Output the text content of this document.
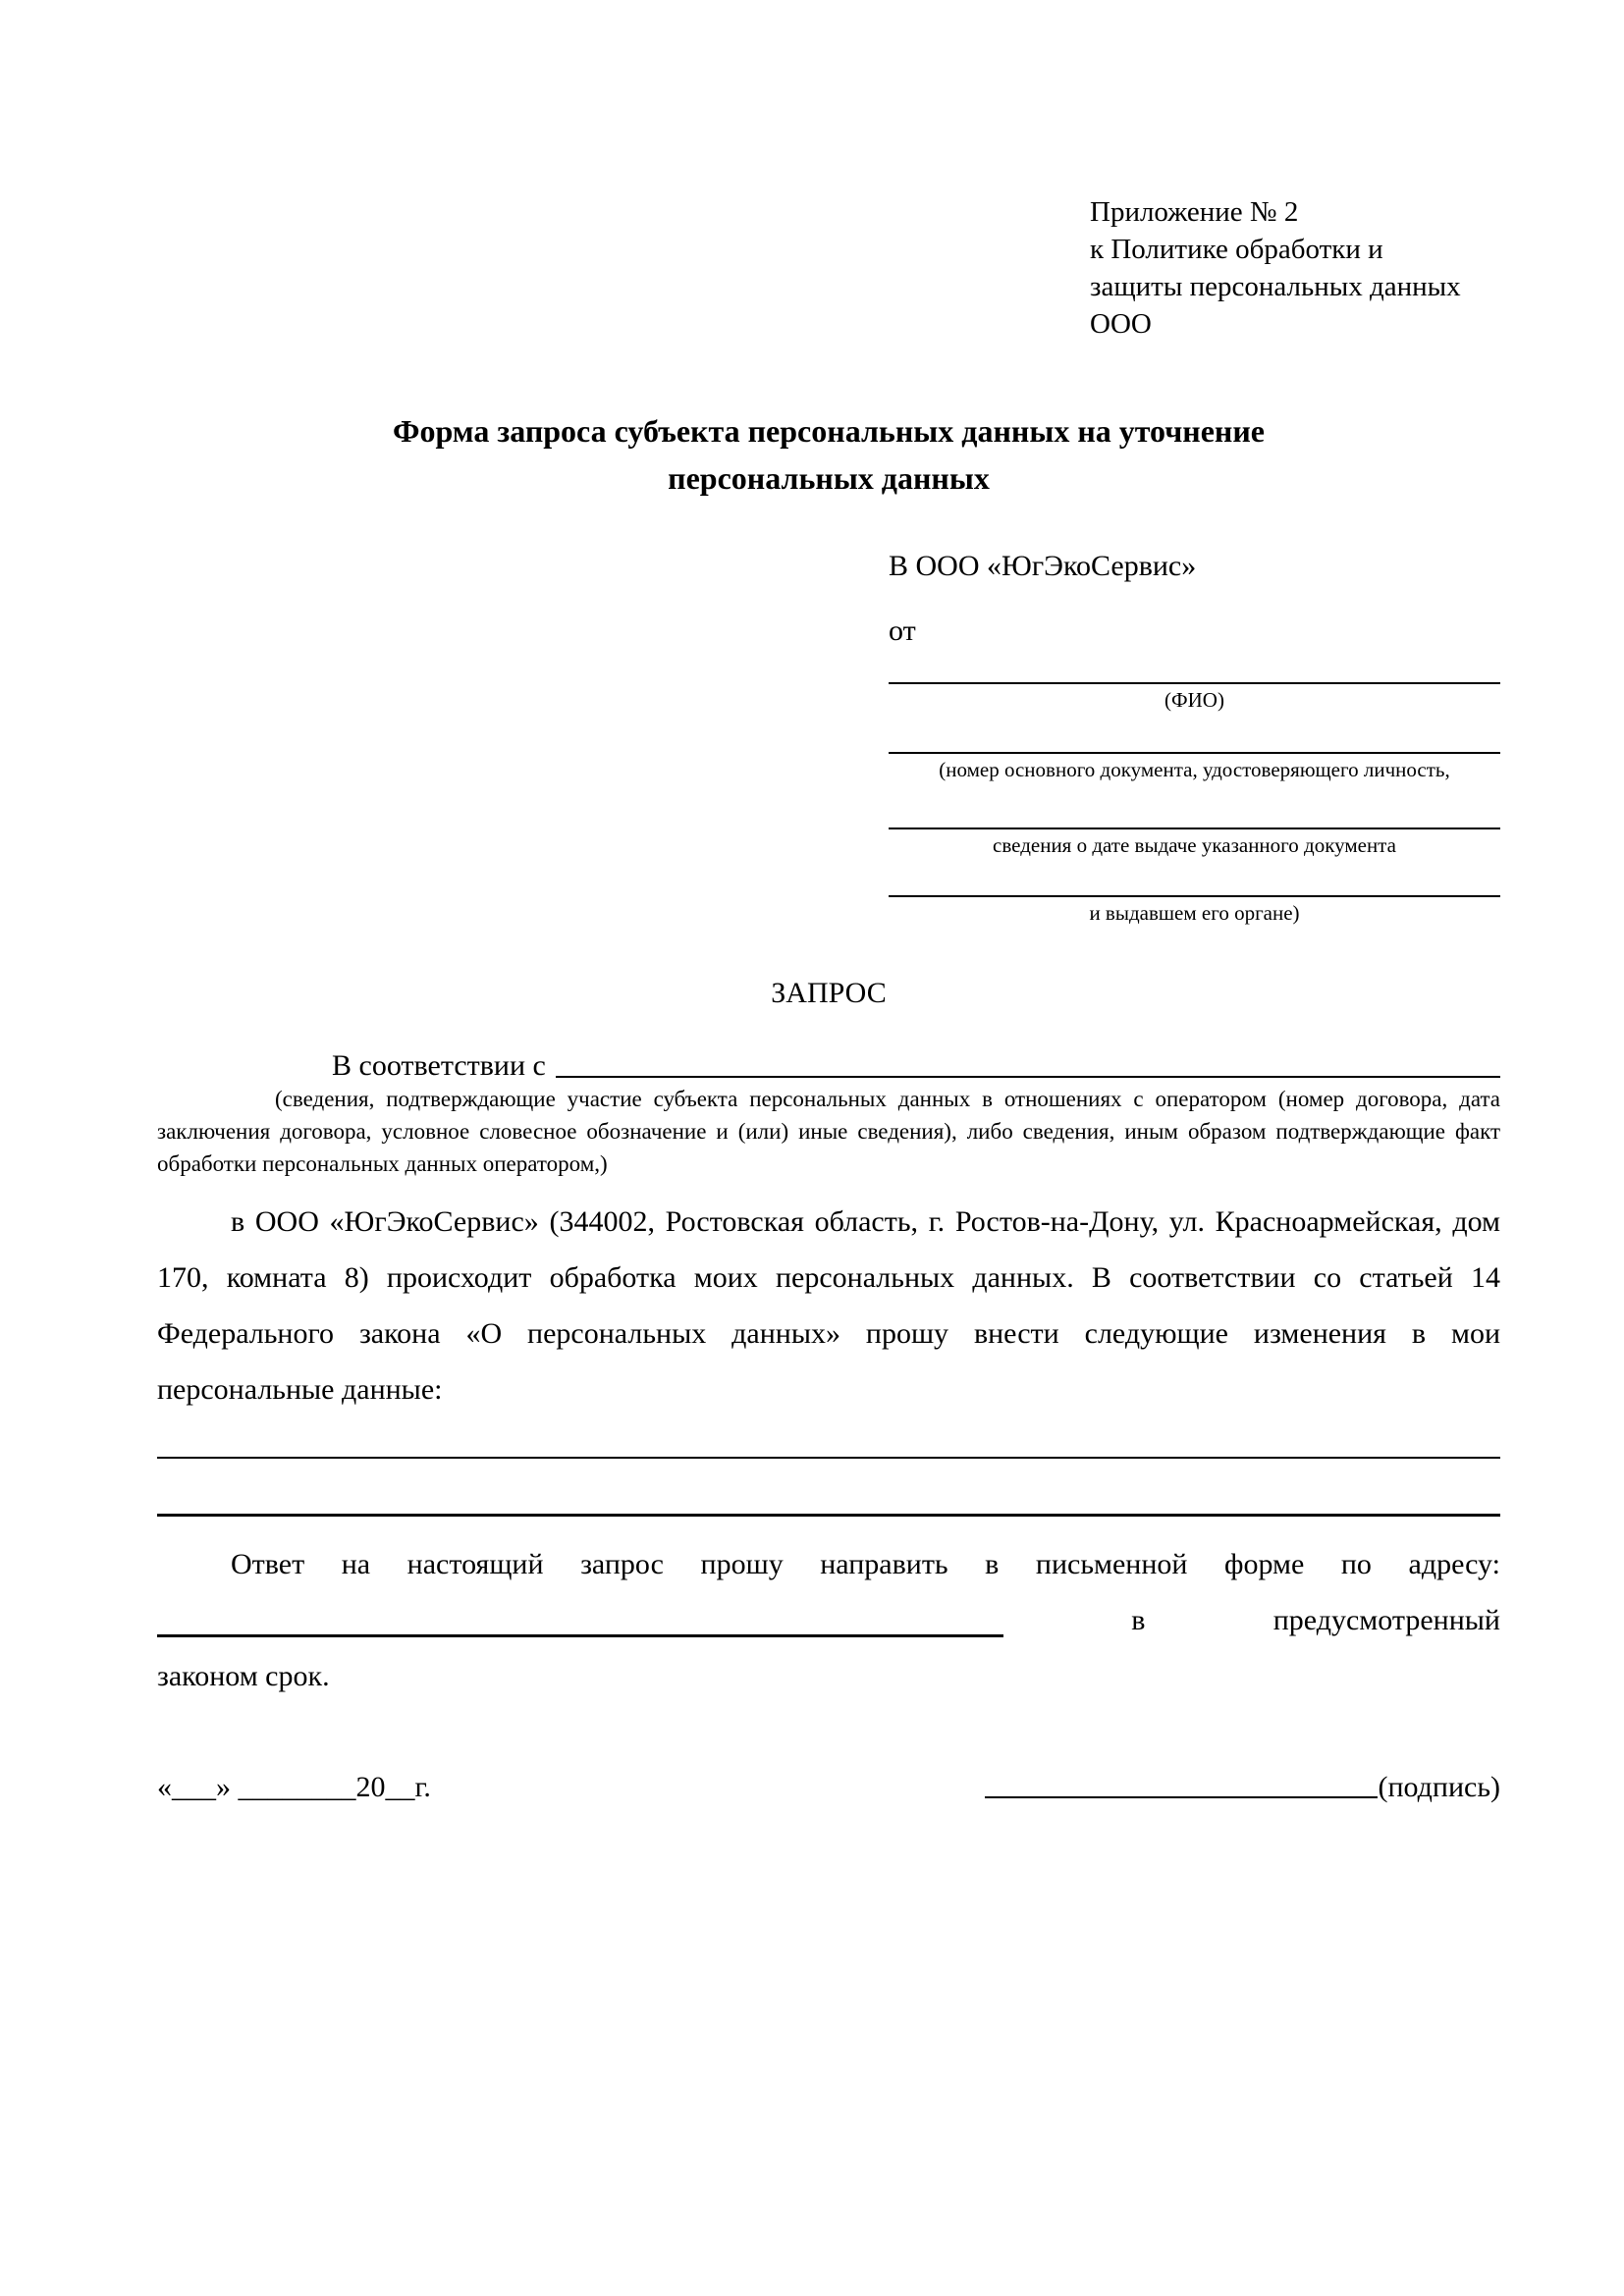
Приложение № 2
к Политике обработки и
защиты персональных данных
ООО
Форма запроса субъекта персональных данных на уточнение
персональных данных
В ООО «ЮгЭкоСервис»
от
(ФИО)
(номер основного документа, удостоверяющего личность,
сведения о дате выдаче указанного документа
и выдавшем его органе)
ЗАПРОС
В соответствии с
(сведения, подтверждающие участие субъекта персональных данных в отношениях с оператором (номер договора, дата заключения договора, условное словесное обозначение и (или) иные сведения), либо сведения, иным образом подтверждающие факт обработки персональных данных оператором,)
в ООО «ЮгЭкоСервис» (344002, Ростовская область, г. Ростов-на-Дону, ул. Красноармейская, дом 170, комната 8) происходит обработка моих персональных данных. В соответствии со статьей 14 Федерального закона «О персональных данных» прошу внести следующие изменения в мои персональные данные:
Ответ на настоящий запрос прошу направить в письменной форме по адресу:
в	предусмотренный
законом срок.
«___» ________20__г.	(подпись)
